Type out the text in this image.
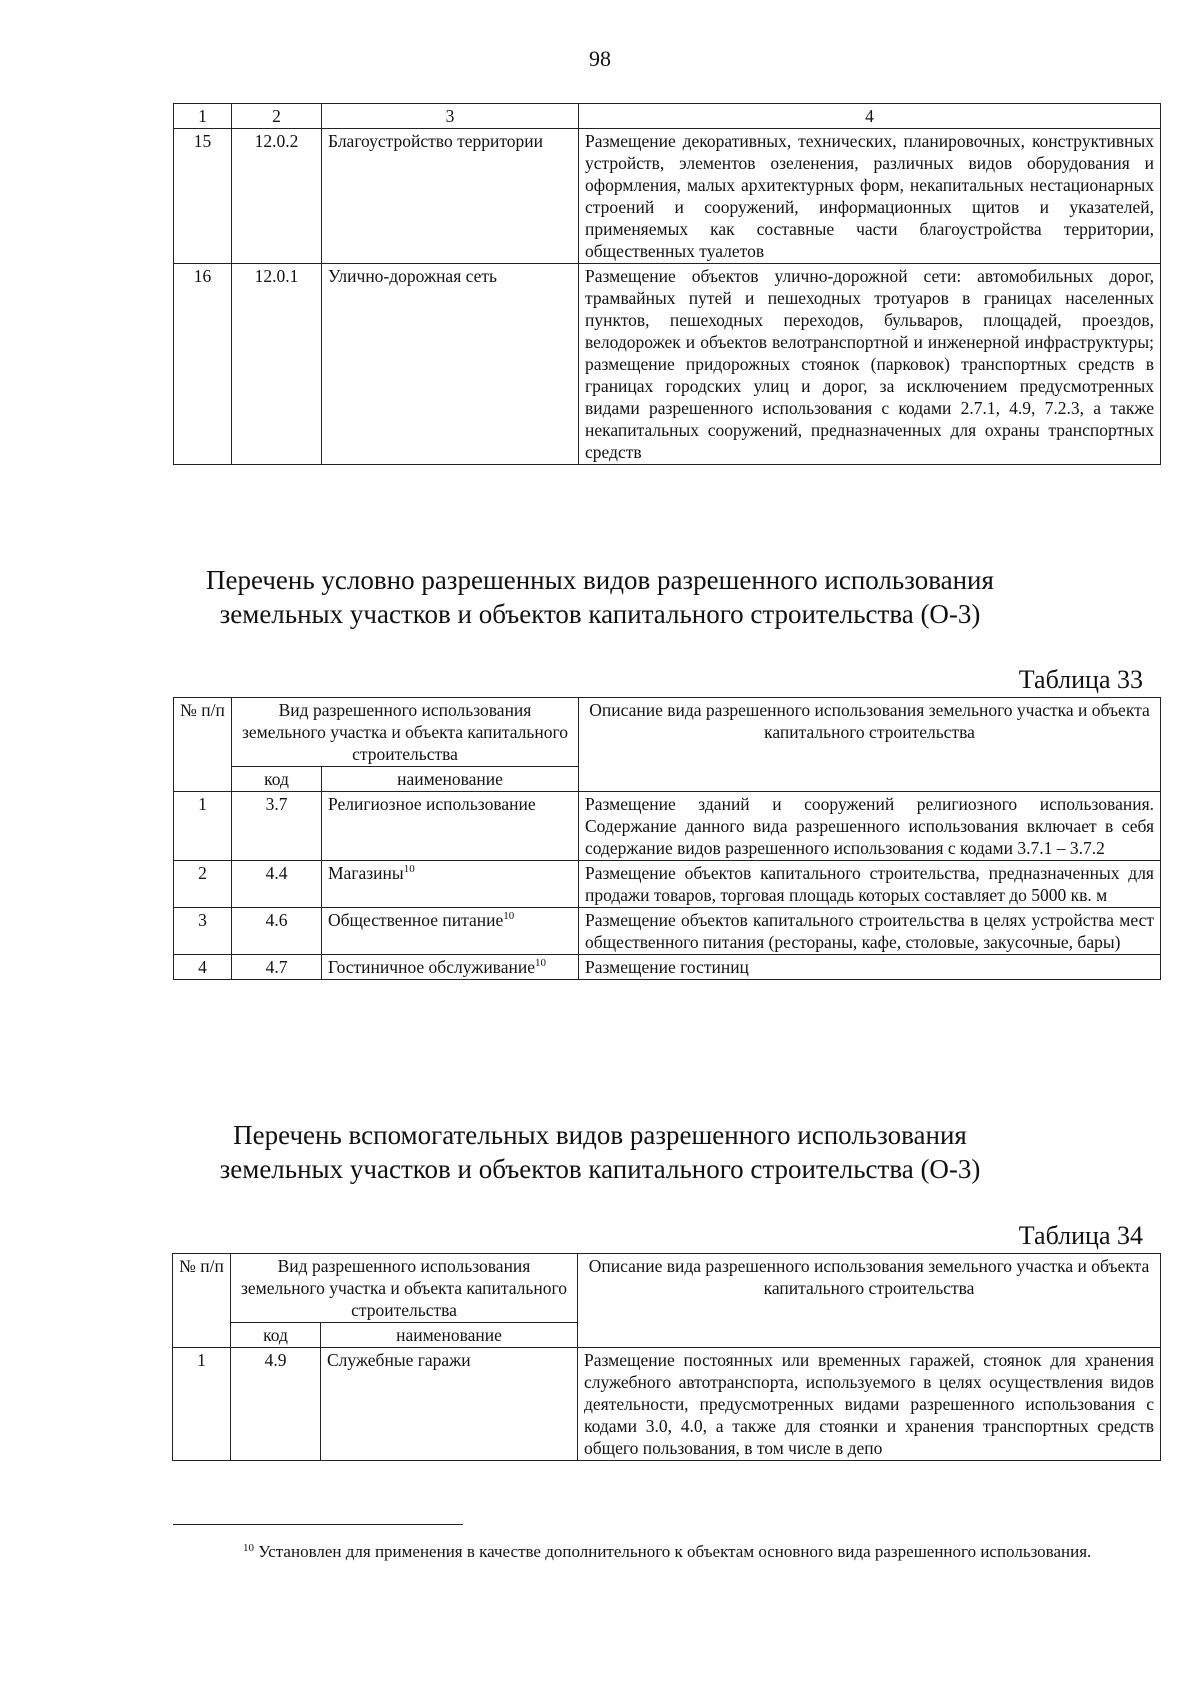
98
1	2	3	4
15	12.0.2	Благоустройство территории	Размещение декоративных, технических, планировочных, конструктивных устройств, элементов озеленения, различных видов оборудования и оформления, малых архитектурных форм, некапитальных нестационарных строений и сооружений, информационных щитов и указателей, применяемых как составные части благоустройства территории, общественных туалетов
16	12.0.1	Улично-дорожная сеть	Размещение объектов улично-дорожной сети: автомобильных дорог, трамвайных путей и пешеходных тротуаров в границах населенных пунктов, пешеходных переходов, бульваров, площадей, проездов, велодорожек и объектов велотранспортной и инженерной инфраструктуры; размещение придорожных стоянок (парковок) транспортных средств в границах городских улиц и дорог, за исключением предусмотренных видами разрешенного использования с кодами 2.7.1, 4.9, 7.2.3, а также некапитальных сооружений, предназначенных для охраны транспортных средств
Перечень условно разрешенных видов разрешенного использования
земельных участков и объектов капитального строительства (О-3)
Таблица 33
№ п/п	Вид разрешенного использования земельного участка и объекта капитального строительства		Описание вида разрешенного использования земельного участка и объекта капитального строительства
	код	наименование	
1	3.7	Религиозное использование	Размещение зданий и сооружений религиозного использования. Содержание данного вида разрешенного использования включает в себя содержание видов разрешенного использования с кодами 3.7.1 – 3.7.2
2	4.4	Магазины$^{10}$	Размещение объектов капитального строительства, предназначенных для продажи товаров, торговая площадь которых составляет до 5000 кв. м
3	4.6	Общественное питание$^{10}$	Размещение объектов капитального строительства в целях устройства мест общественного питания (рестораны, кафе, столовые, закусочные, бары)
4	4.7	Гостиничное обслуживание$^{10}$	Размещение гостиниц
Перечень вспомогательных видов разрешенного использования
земельных участков и объектов капитального строительства (О-3)
Таблица 34
№ п/п	Вид разрешенного использования земельного участка и объекта капитального строительства		Описание вида разрешенного использования земельного участка и объекта капитального строительства
	код	наименование	
1	4.9	Служебные гаражи	Размещение постоянных или временных гаражей, стоянок для хранения служебного автотранспорта, используемого в целях осуществления видов деятельности, предусмотренных видами разрешенного использования с кодами 3.0, 4.0, а также для стоянки и хранения транспортных средств общего пользования, в том числе в депо
$^{10}$ Установлен для применения в качестве дополнительного к объектам основного вида разрешенного использования.
